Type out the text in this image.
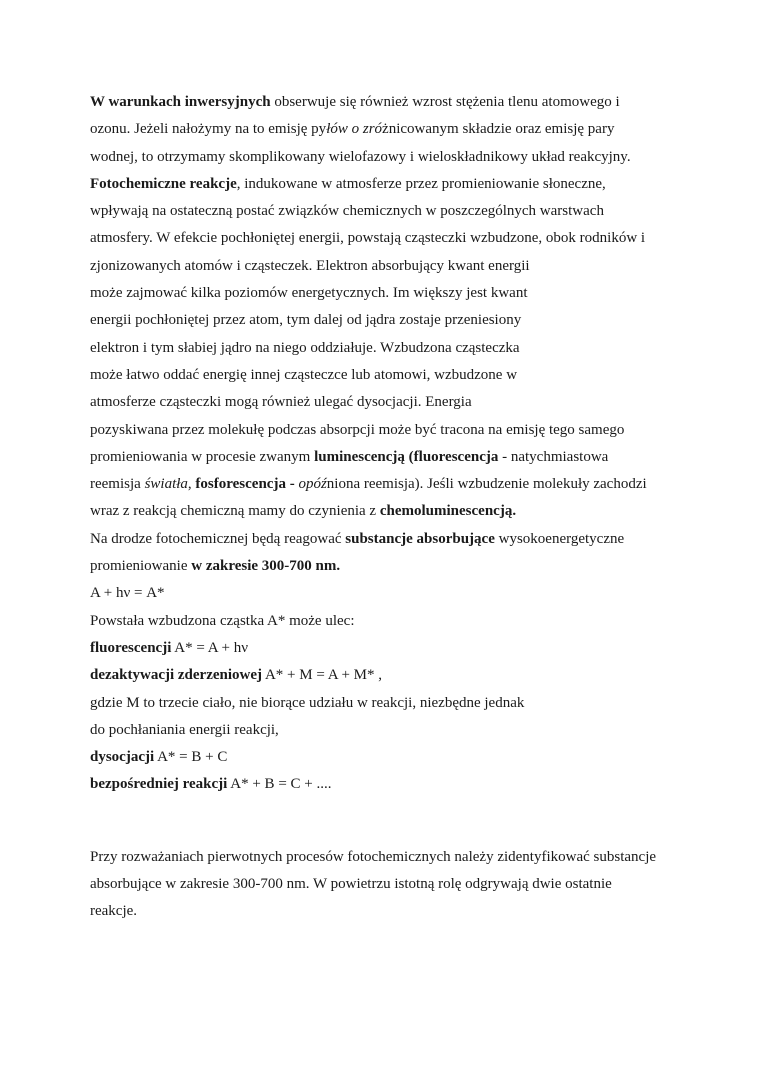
W warunkach inwersyjnych obserwuje się również wzrost stężenia tlenu atomowego i
ozonu. Jeżeli nałożymy na to emisję pyłów o zróżnicowanym składzie oraz emisję pary
wodnej, to otrzymamy skomplikowany wielofazowy i wieloskładnikowy układ reakcyjny.
Fotochemiczne reakcje, indukowane w atmosferze przez promieniowanie słoneczne,
wpływają na ostateczną postać związków chemicznych w poszczególnych warstwach
atmosfery. W efekcie pochłoniętej energii, powstają cząsteczki wzbudzone, obok rodników i
zjonizowanych atomów i cząsteczek. Elektron absorbujący kwant energii
może zajmować kilka poziomów energetycznych. Im większy jest kwant
energii pochłoniętej przez atom, tym dalej od jądra zostaje przeniesiony
elektron i tym słabiej jądro na niego oddziałuje. Wzbudzona cząsteczka
może łatwo oddać energię innej cząsteczce lub atomowi, wzbudzone w
atmosferze cząsteczki mogą również ulegać dysocjacji. Energia
pozyskiwana przez molekułę podczas absorpcji może być tracona na emisję tego samego
promieniowania w procesie zwanym luminescencją (fluorescencja - natychmiastowa
reemisja światła, fosforescencja - opóźniona reemisja). Jeśli wzbudzenie molekuły zachodzi
wraz z reakcją chemiczną mamy do czynienia z chemoluminescencją.
Na drodze fotochemicznej będą reagować substancje absorbujące wysokoenergetyczne
promieniowanie w zakresie 300-700 nm.
A + hν = A*
Powstała wzbudzona cząstka A* może ulec:
fluorescencji A* = A + hν
dezaktywacji zderzeniowej A* + M = A + M* ,
gdzie M to trzecie ciało, nie biorące udziału w reakcji, niezbędne jednak
do pochłaniania energii reakcji,
dysocjacji A* = B + C
bezpośredniej reakcji A* + B = C + ....
Przy rozważaniach pierwotnych procesów fotochemicznych należy zidentyfikować substancje
absorbujące w zakresie 300-700 nm. W powietrzu istotną rolę odgrywają dwie ostatnie
reakcje.
